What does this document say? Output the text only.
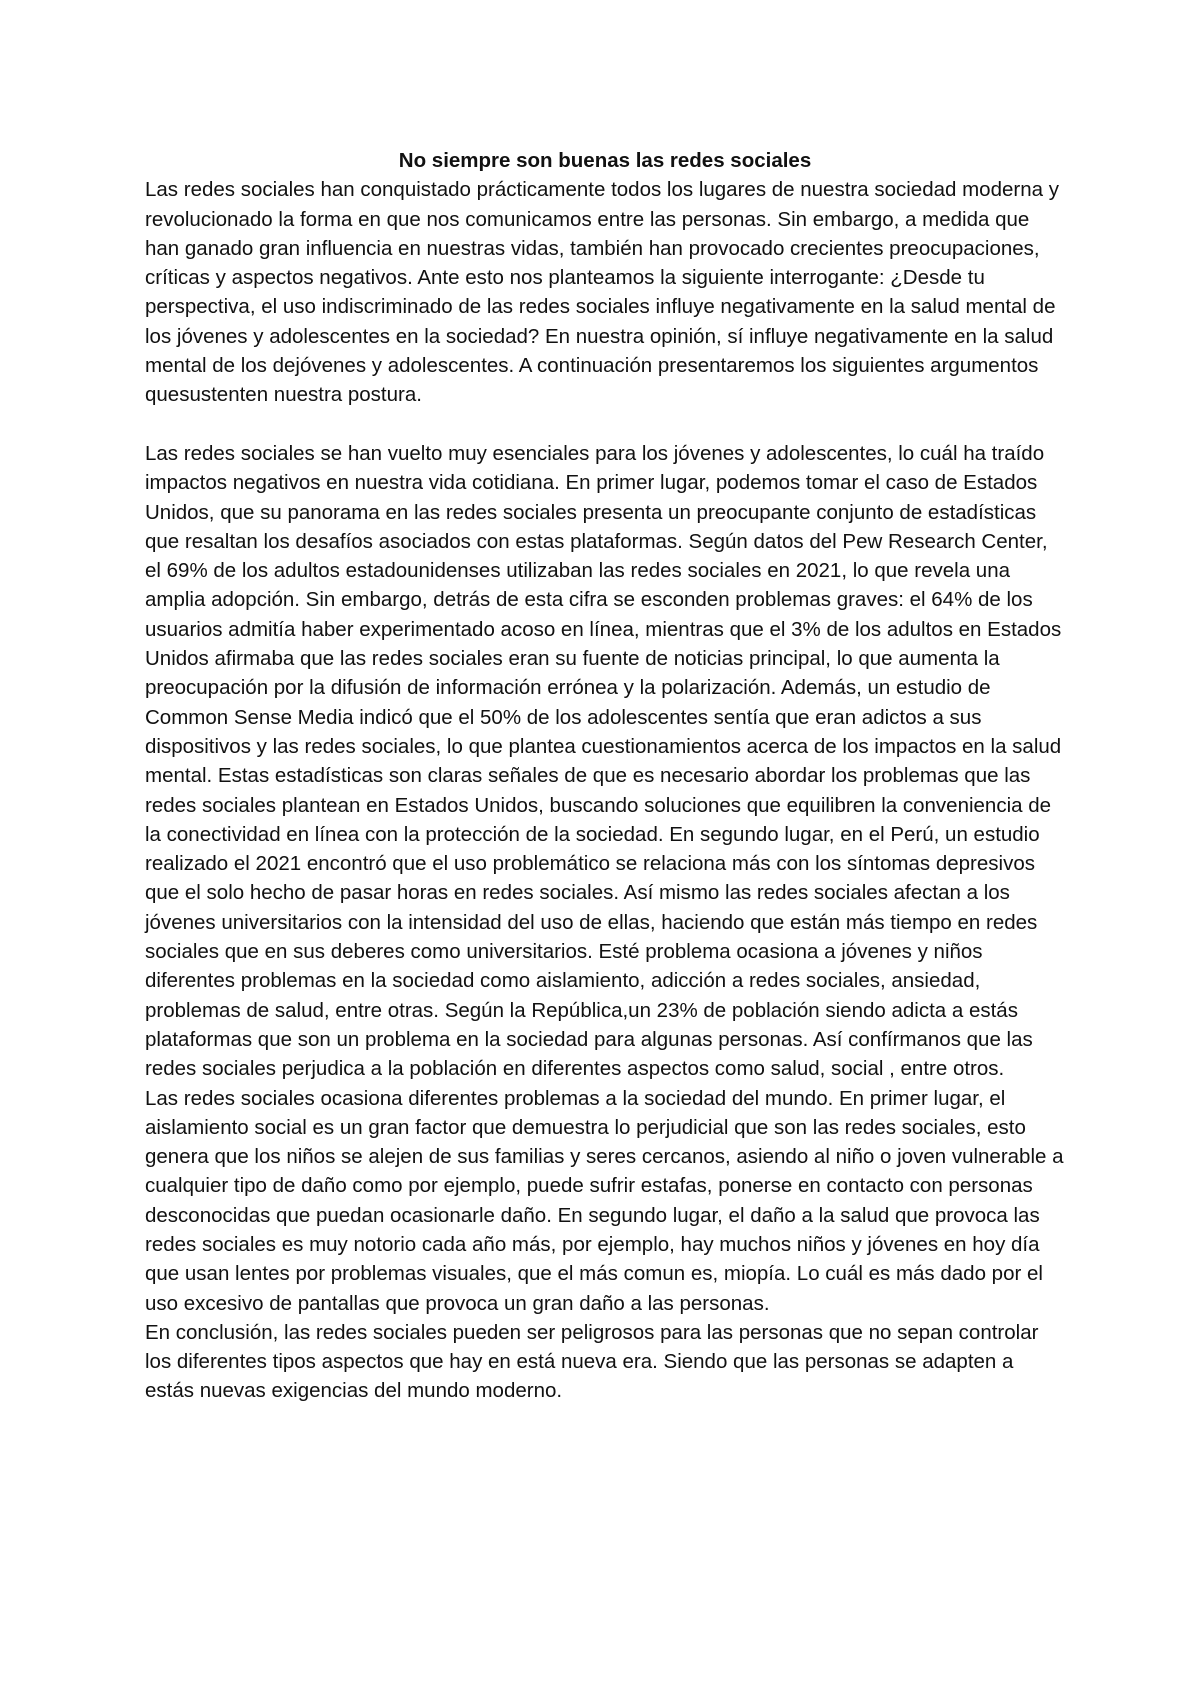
No siempre son buenas las redes sociales

Las redes sociales han conquistado prácticamente todos los lugares de nuestra sociedad moderna y revolucionado la forma en que nos comunicamos entre las personas. Sin embargo, a medida que han ganado gran influencia en nuestras vidas, también han provocado crecientes preocupaciones, críticas y aspectos negativos. Ante esto nos planteamos la siguiente interrogante: ¿Desde tu perspectiva, el uso indiscriminado de las redes sociales influye negativamente en la salud mental de los jóvenes y adolescentes en la sociedad? En nuestra opinión, sí influye negativamente en la salud mental de los dejóvenes y adolescentes. A continuación presentaremos los siguientes argumentos quesustenten nuestra postura.

Las redes sociales se han vuelto muy esenciales para los jóvenes y adolescentes, lo cuál ha traído impactos negativos en nuestra vida cotidiana. En primer lugar, podemos tomar el caso de Estados Unidos, que su panorama en las redes sociales presenta un preocupante conjunto de estadísticas que resaltan los desafíos asociados con estas plataformas. Según datos del Pew Research Center, el 69% de los adultos estadounidenses utilizaban las redes sociales en 2021, lo que revela una amplia adopción. Sin embargo, detrás de esta cifra se esconden problemas graves: el 64% de los usuarios admitía haber experimentado acoso en línea, mientras que el 3% de los adultos en Estados Unidos afirmaba que las redes sociales eran su fuente de noticias principal, lo que aumenta la preocupación por la difusión de información errónea y la polarización. Además, un estudio de Common Sense Media indicó que el 50% de los adolescentes sentía que eran adictos a sus dispositivos y las redes sociales, lo que plantea cuestionamientos acerca de los impactos en la salud mental. Estas estadísticas son claras señales de que es necesario abordar los problemas que las redes sociales plantean en Estados Unidos, buscando soluciones que equilibren la conveniencia de la conectividad en línea con la protección de la sociedad. En segundo lugar, en el Perú, un estudio realizado el 2021 encontró que el uso problemático se relaciona más con los síntomas depresivos que el solo hecho de pasar horas en redes sociales. Así mismo las redes sociales afectan a los jóvenes universitarios con la intensidad del uso de ellas, haciendo que están más tiempo en redes sociales que en sus deberes como universitarios. Esté problema ocasiona a jóvenes y niños diferentes problemas en la sociedad como aislamiento, adicción a redes sociales, ansiedad, problemas de salud, entre otras. Según la República,un 23% de población siendo adicta a estás plataformas que son un problema en la sociedad para algunas personas. Así confírmanos que las redes sociales perjudica a la población en diferentes aspectos como salud, social , entre otros.

Las redes sociales ocasiona diferentes problemas a la sociedad del mundo. En primer lugar, el aislamiento social es un gran factor que demuestra lo perjudicial que son las redes sociales, esto genera que los niños se alejen de sus familias y seres cercanos, asiendo al niño o joven vulnerable a cualquier tipo de daño como por ejemplo, puede sufrir estafas, ponerse en contacto con personas desconocidas que puedan ocasionarle daño. En segundo lugar, el daño a la salud que provoca las redes sociales es muy notorio cada año más, por ejemplo, hay muchos niños y jóvenes en hoy día que usan lentes por problemas visuales, que el más comun es, miopía. Lo cuál es más dado por el uso excesivo de pantallas que provoca un gran daño a las personas.

En conclusión, las redes sociales pueden ser peligrosos para las personas que no sepan controlar los diferentes tipos aspectos que hay en está nueva era. Siendo que las personas se adapten a estás nuevas exigencias del mundo moderno.
